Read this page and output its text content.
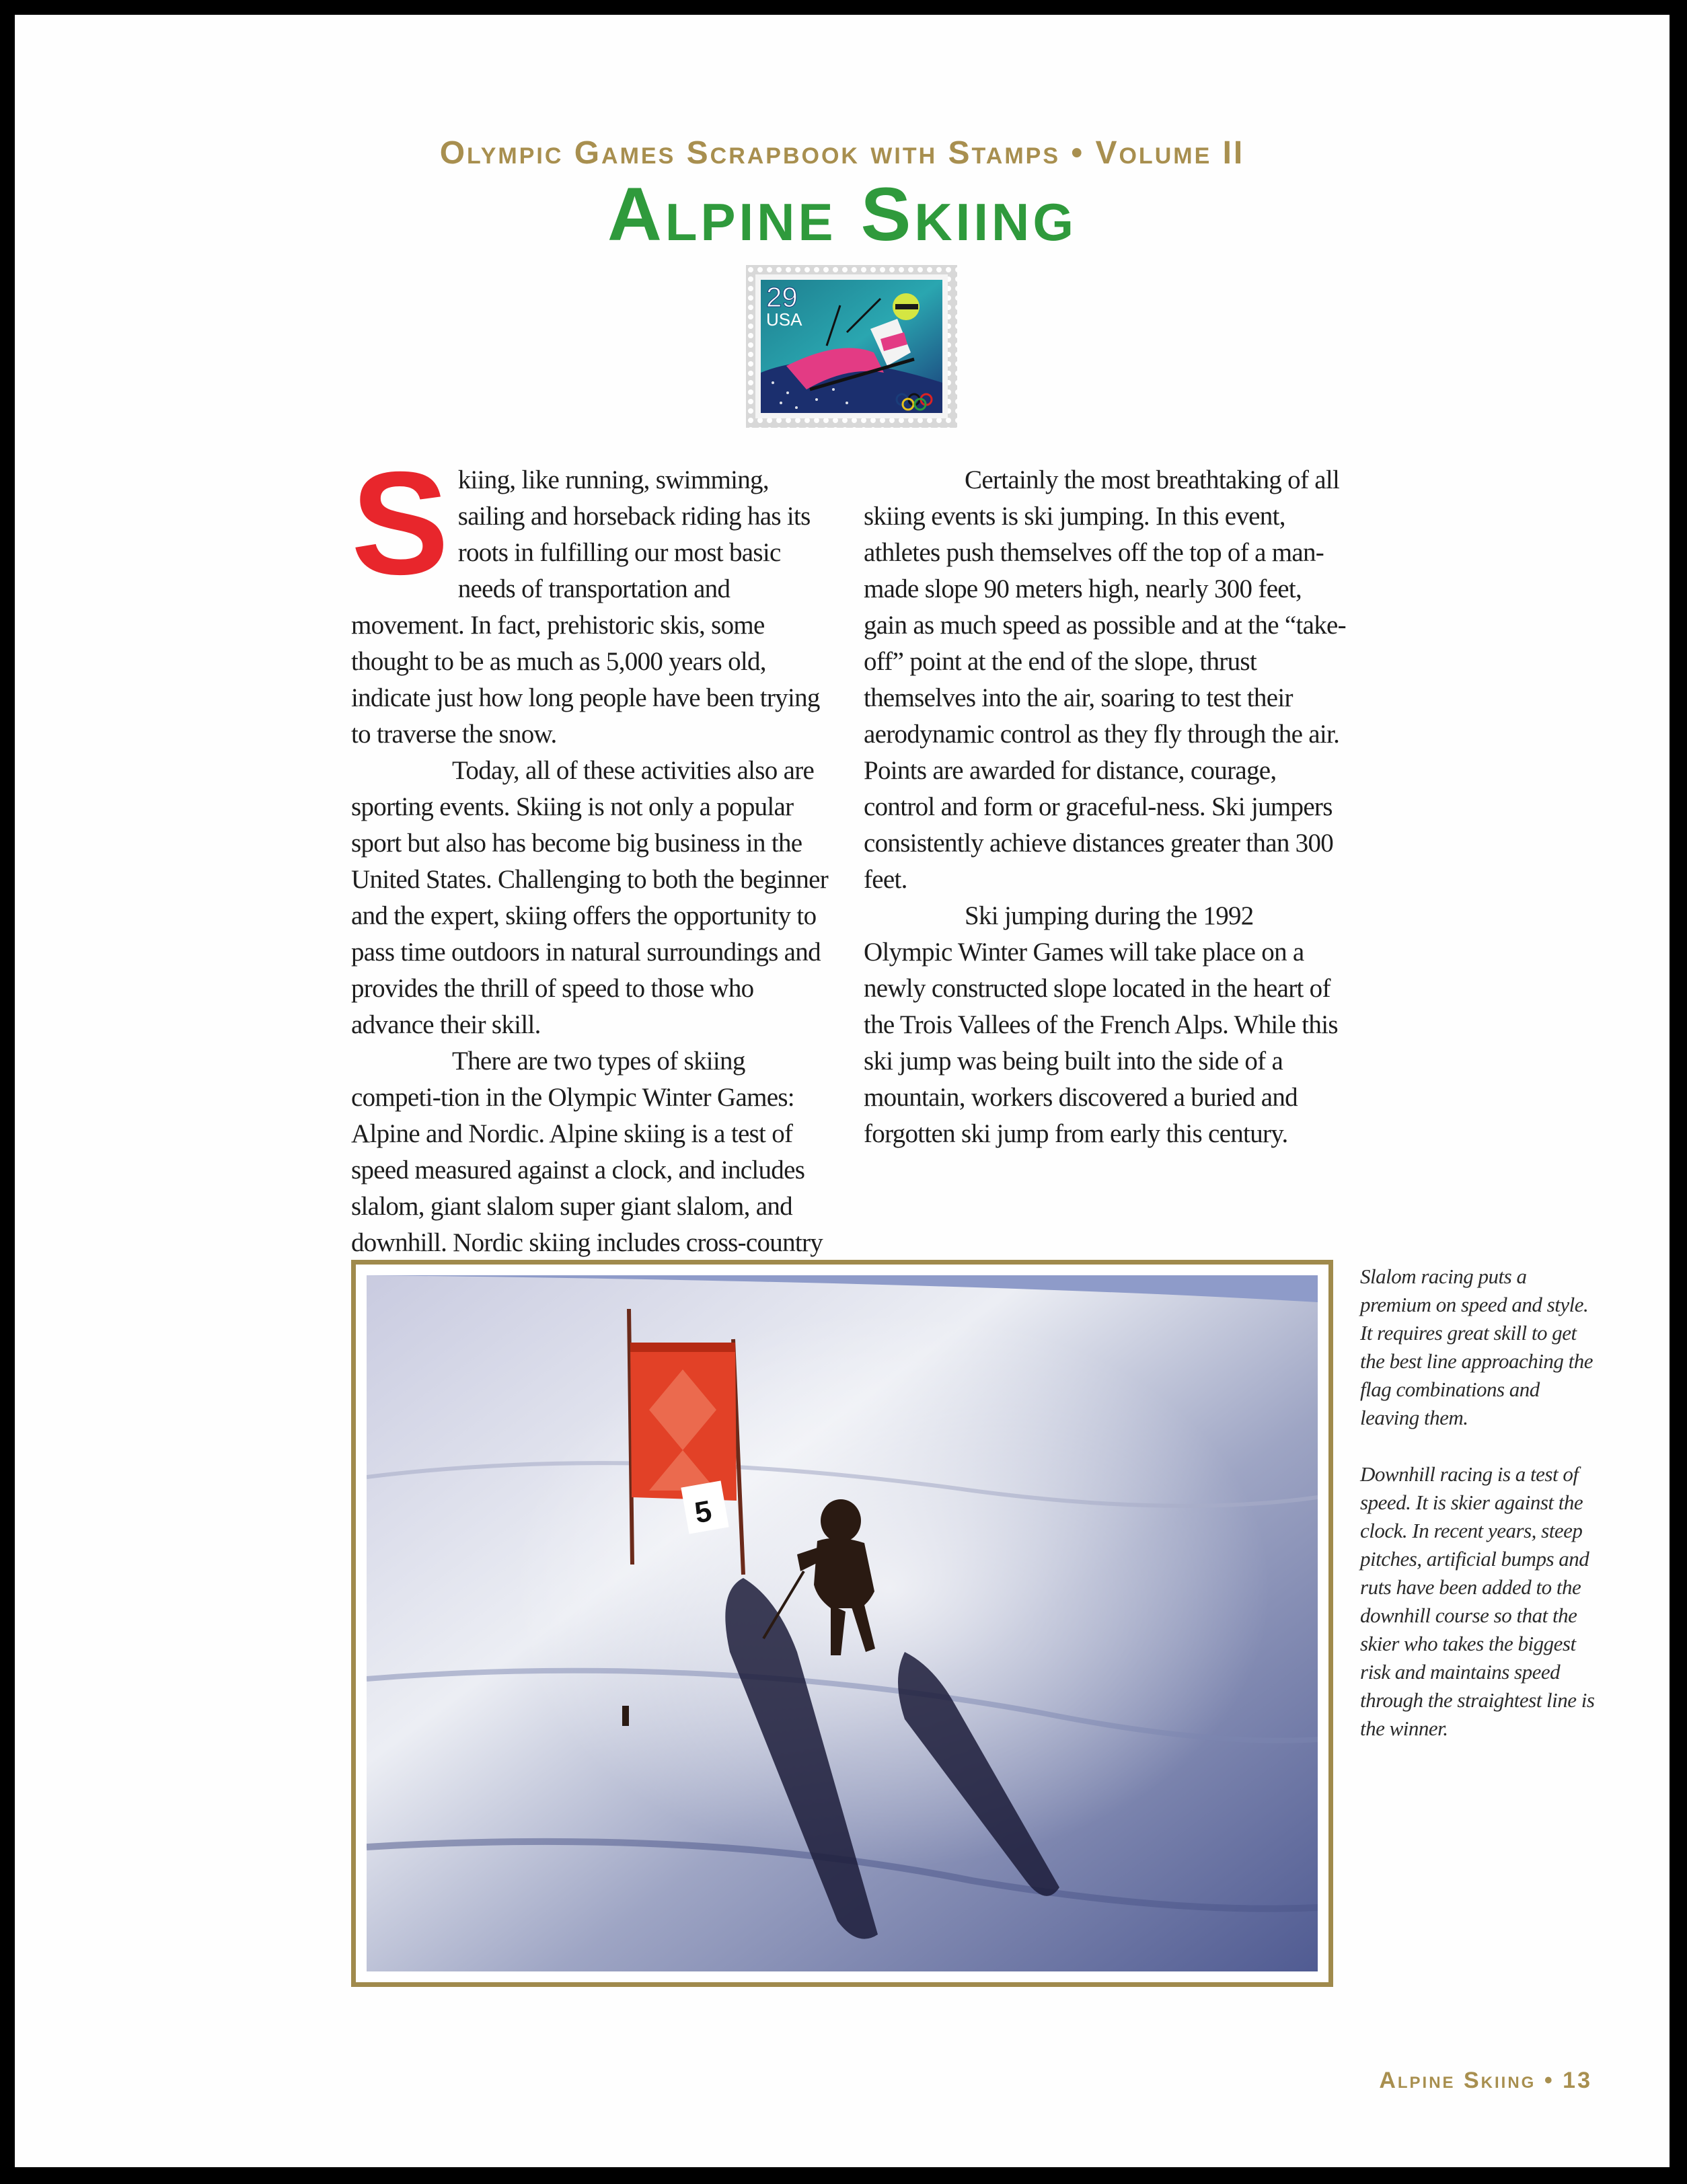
Olympic Games Scrapbook with Stamps • Volume II
Alpine Skiing
29
USA

Skiing, like running, swimming, sailing and horseback riding has its roots in fulfilling our most basic needs of transportation and movement. In fact, prehistoric skis, some thought to be as much as 5,000 years old, indicate just how long people have been trying to traverse the snow.

Today, all of these activities also are sporting events. Skiing is not only a popular sport but also has become big business in the United States. Challenging to both the beginner and the expert, skiing offers the opportunity to pass time outdoors in natural surroundings and provides the thrill of speed to those who advance their skill.

There are two types of skiing competi-tion in the Olympic Winter Games: Alpine and Nordic. Alpine skiing is a test of speed measured against a clock, and includes slalom, giant slalom super giant slalom, and downhill. Nordic skiing includes cross-country

Certainly the most breathtaking of all skiing events is ski jumping. In this event, athletes push themselves off the top of a man-made slope 90 meters high, nearly 300 feet, gain as much speed as possible and at the “take-off” point at the end of the slope, thrust themselves into the air, soaring to test their aerodynamic control as they fly through the air. Points are awarded for distance, courage, control and form or graceful-ness. Ski jumpers consistently achieve distances greater than 300 feet.

Ski jumping during the 1992 Olympic Winter Games will take place on a newly constructed slope located in the heart of the Trois Vallees of the French Alps. While this ski jump was being built into the side of a mountain, workers discovered a buried and forgotten ski jump from early this century.

5

Slalom racing puts a premium on speed and style. It requires great skill to get the best line approaching the flag combinations and leaving them.

Downhill racing is a test of speed. It is skier against the clock. In recent years, steep pitches, artificial bumps and ruts have been added to the downhill course so that the skier who takes the biggest risk and maintains speed through the straightest line is the winner.

Alpine Skiing • 13
